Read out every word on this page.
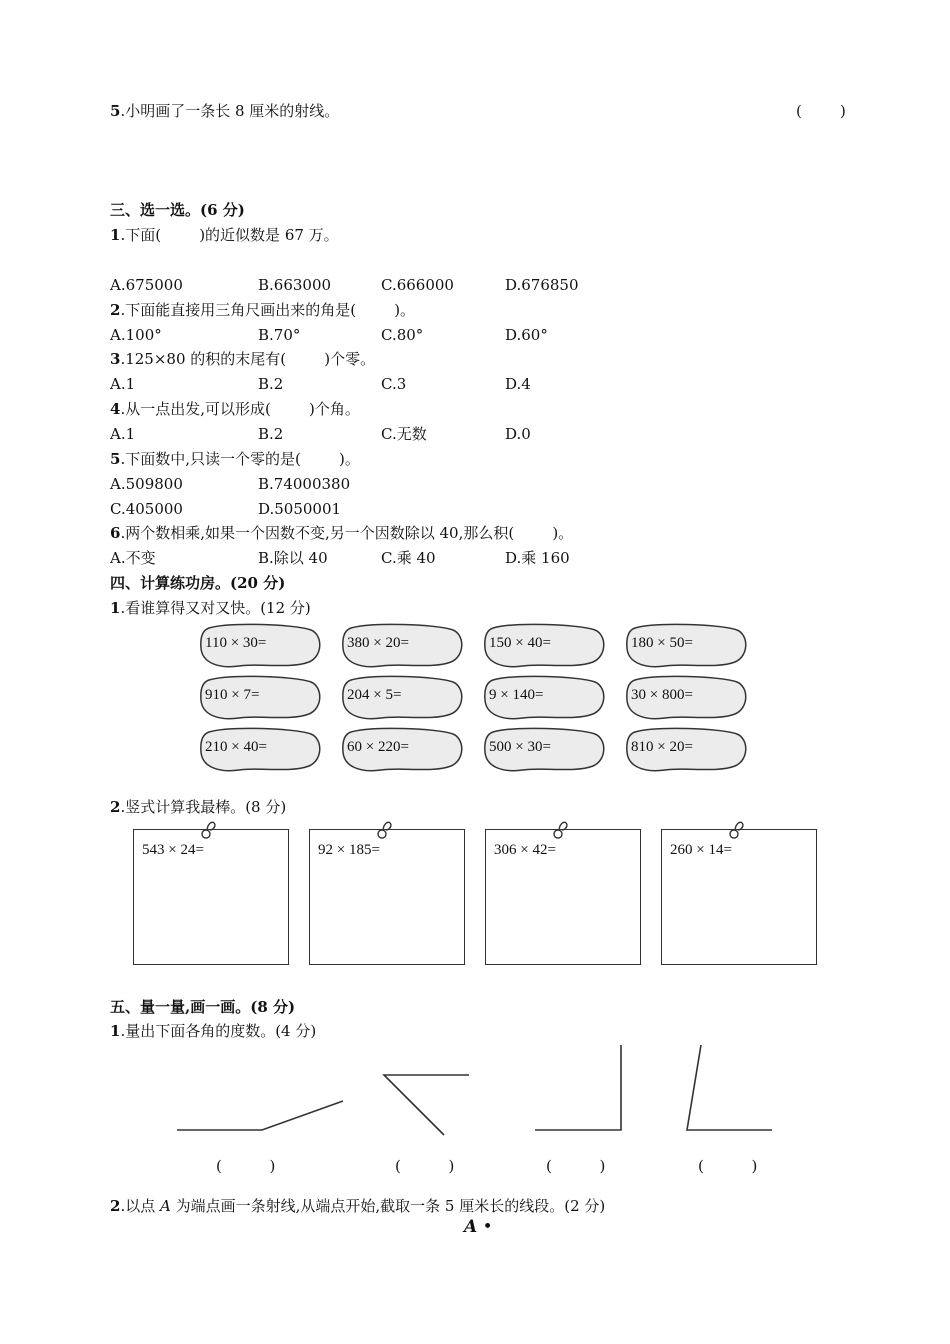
5.小明画了一条长 8 厘米的射线。	(        )
三、选一选。(6 分)
1.下面(        )的近似数是 67 万。
A.675000	B.663000	C.666000	D.676850
2.下面能直接用三角尺画出来的角是(        )。
A.100°	B.70°	C.80°	D.60°
3.125×80 的积的末尾有(        )个零。
A.1	B.2	C.3	D.4
4.从一点出发,可以形成(        )个角。
A.1	B.2	C.无数	D.0
5.下面数中,只读一个零的是(        )。
A.509800	B.74000380
C.405000	D.5050001
6.两个数相乘,如果一个因数不变,另一个因数除以 40,那么积(        )。
A.不变	B.除以 40	C.乘 40	D.乘 160
四、计算练功房。(20 分)
1.看谁算得又对又快。(12 分)
110 × 30=	380 × 20=	150 × 40=	180 × 50=
910 × 7=	204 × 5=	9 × 140=	30 × 800=
210 × 40=	60 × 220=	500 × 30=	810 × 20=
2.竖式计算我最棒。(8 分)
543 × 24=	92 × 185=	306 × 42=	260 × 14=
五、量一量,画一画。(8 分)
1.量出下面各角的度数。(4 分)
(          )	(          )	(          )	(          )
2.以点 A 为端点画一条射线,从端点开始,截取一条 5 厘米长的线段。(2 分)
A •
